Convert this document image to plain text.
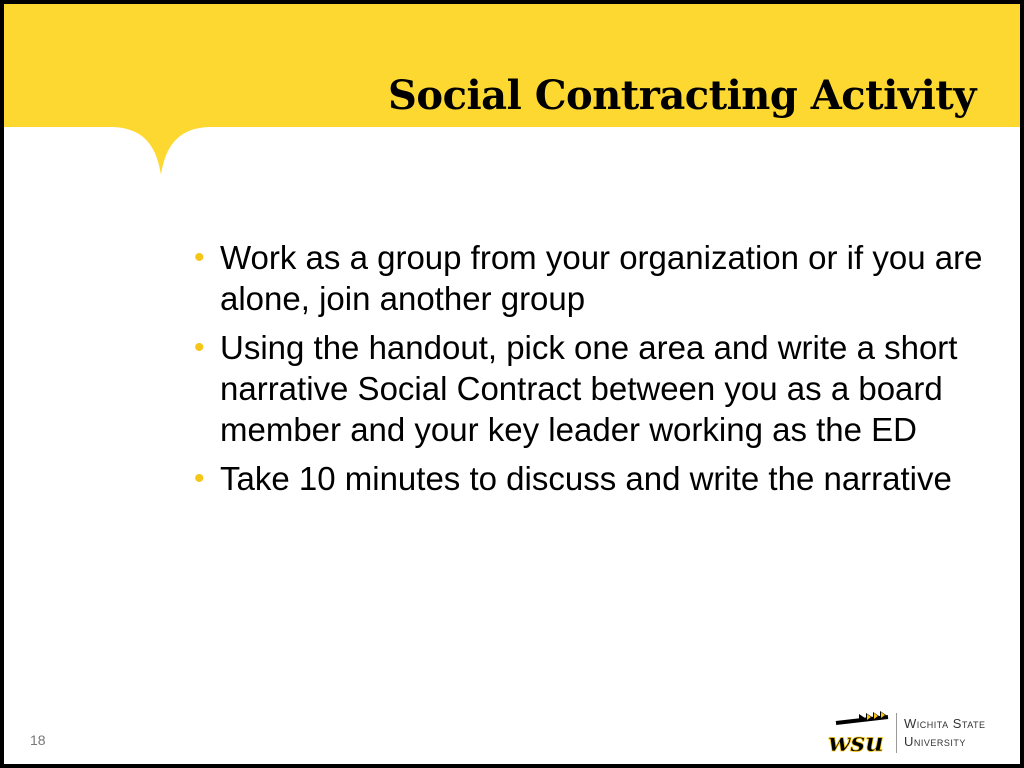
Social Contracting Activity
• Work as a group from your organization or if you are alone, join another group
• Using the handout, pick one area and write a short narrative Social Contract between you as a board member and your key leader working as the ED
• Take 10 minutes to discuss and write the narrative
18	wsu
Wichita State
University
